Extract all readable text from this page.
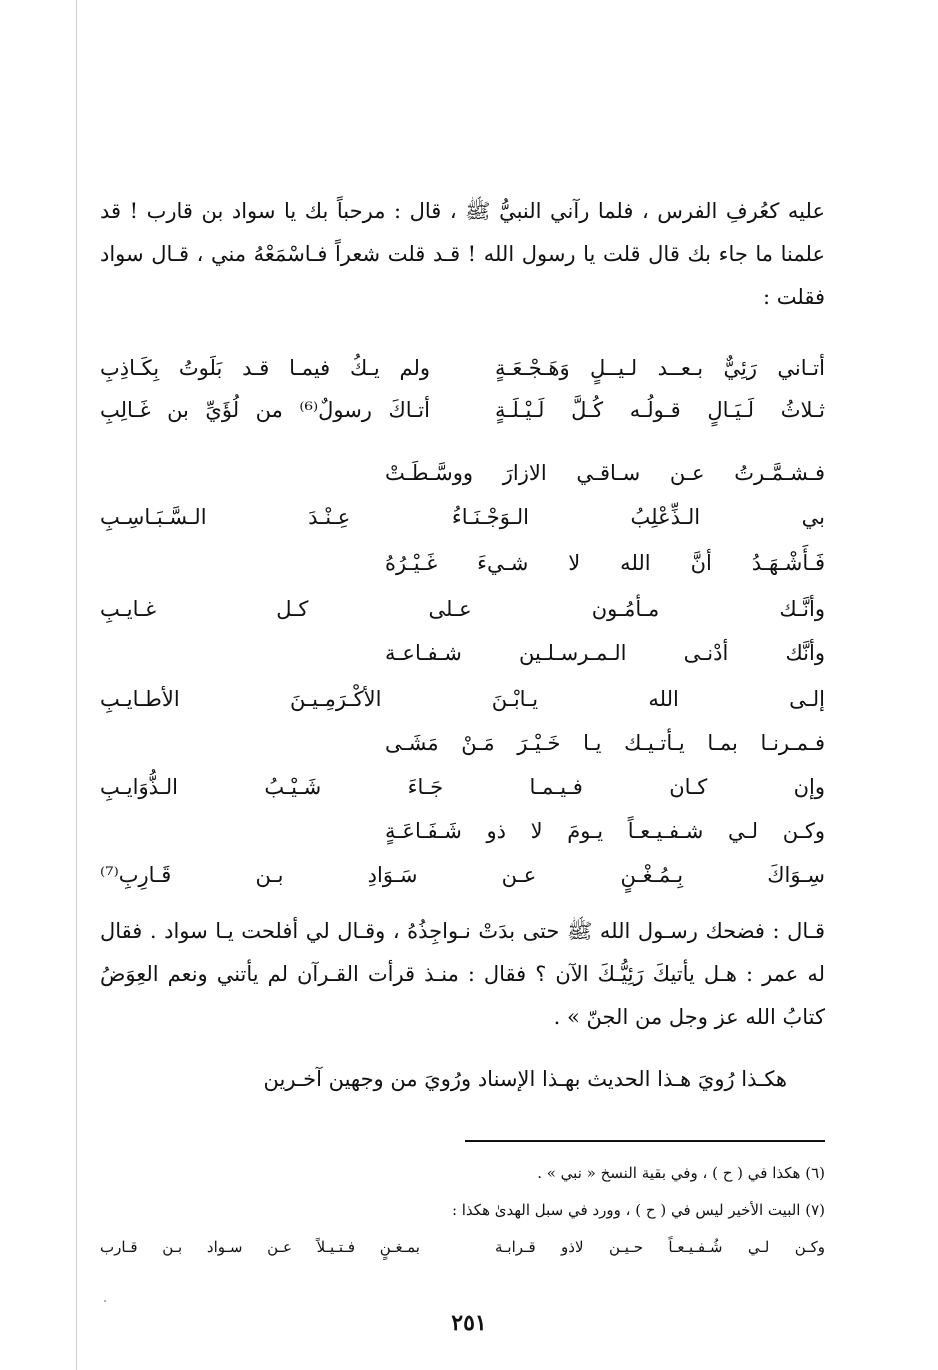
عليه كعُرفِ الفرس ، فلما رآني النبيُّ ﷺ ، قال : مرحباً بك يا سواد بن قارب ! قد علمنا ما جاء بك قال قلت يا رسول الله ! قـد قلت شعراً فـاسْمَعْهُ مني ، قـال سواد فقلت :

أتـاني رَئِيٌّ بـعــد لـيــلٍ وَهَـجْـعَـةٍ
ولم يـكُ فيمـا قـد بَلَوتُ بِكَـاذِبِ
ثـلاثُ لَـيَـالٍ قـولُـه كُـلَّ لَـيْـلَـةٍ
أتـاكَ رسولٌ⁽⁶⁾ من لُؤَيِّ بن غَـالِبِ
فـشـمَّـرتُ عـن سـاقـي الازارَ ووسَّـطَـتْ
بي الـذِّعْلِبُ الـوَجْـنَـاءُ عِـنْـدَ الـسَّـبَـاسِـبِ
فَـأَشْـهَـدُ أنَّ الله لا شـيءَ غَـيْـرُهُ
وأنَّـك مـأمُـون عـلى كـل غـايـبِ
وأنَّك أدْنـى الـمـرسـلـين شـفـاعـة
إلـى الله يـابْـنَ الأكْـرَمِـيـنَ الأطـايـبِ
فـمـرنـا بمـا يـأتـيـك يـا خَـيْـرَ مَـنْ مَشَـى
وإن كـان فـيـمـا جَـاءَ شَـيْـبُ الـذُّوَايـبِ
وكـن لـي شـفـيـعـاً يـومَ لا ذو شَـفَـاعَـةٍ
سِـوَاكَ بِـمُـغْـنٍ عـن سَـوَادِ بـن قَـارِبِ⁽⁷⁾

قـال : فضحك رسـول الله ﷺ حتى بدَتْ نـواجِذُهُ ، وقـال لي أفلحت يـا سواد . فقال له عمر : هـل يأتيكَ رَئِيُّـكَ الآن ؟ فقال : منـذ قرأت القـرآن لم يأتني ونعم العِوَضُ كتابُ الله عز وجل من الجنّ » .

هكـذا رُويَ هـذا الحديث بهـذا الإسناد ورُويَ من وجهين آخـرين

(٦) هكذا في ( ح ) ، وفي بقية النسخ « نبي » .
(٧) البيت الأخير ليس في ( ح ) ، وورد في سبل الهدىٰ هكذا :
وكـن لـي شُـفـيـعـاً حـيـن لاذو قـرابـة
بمـغـنٍ فـتـيـلاً عـن سـواد بـن قـارب
٢٥١
